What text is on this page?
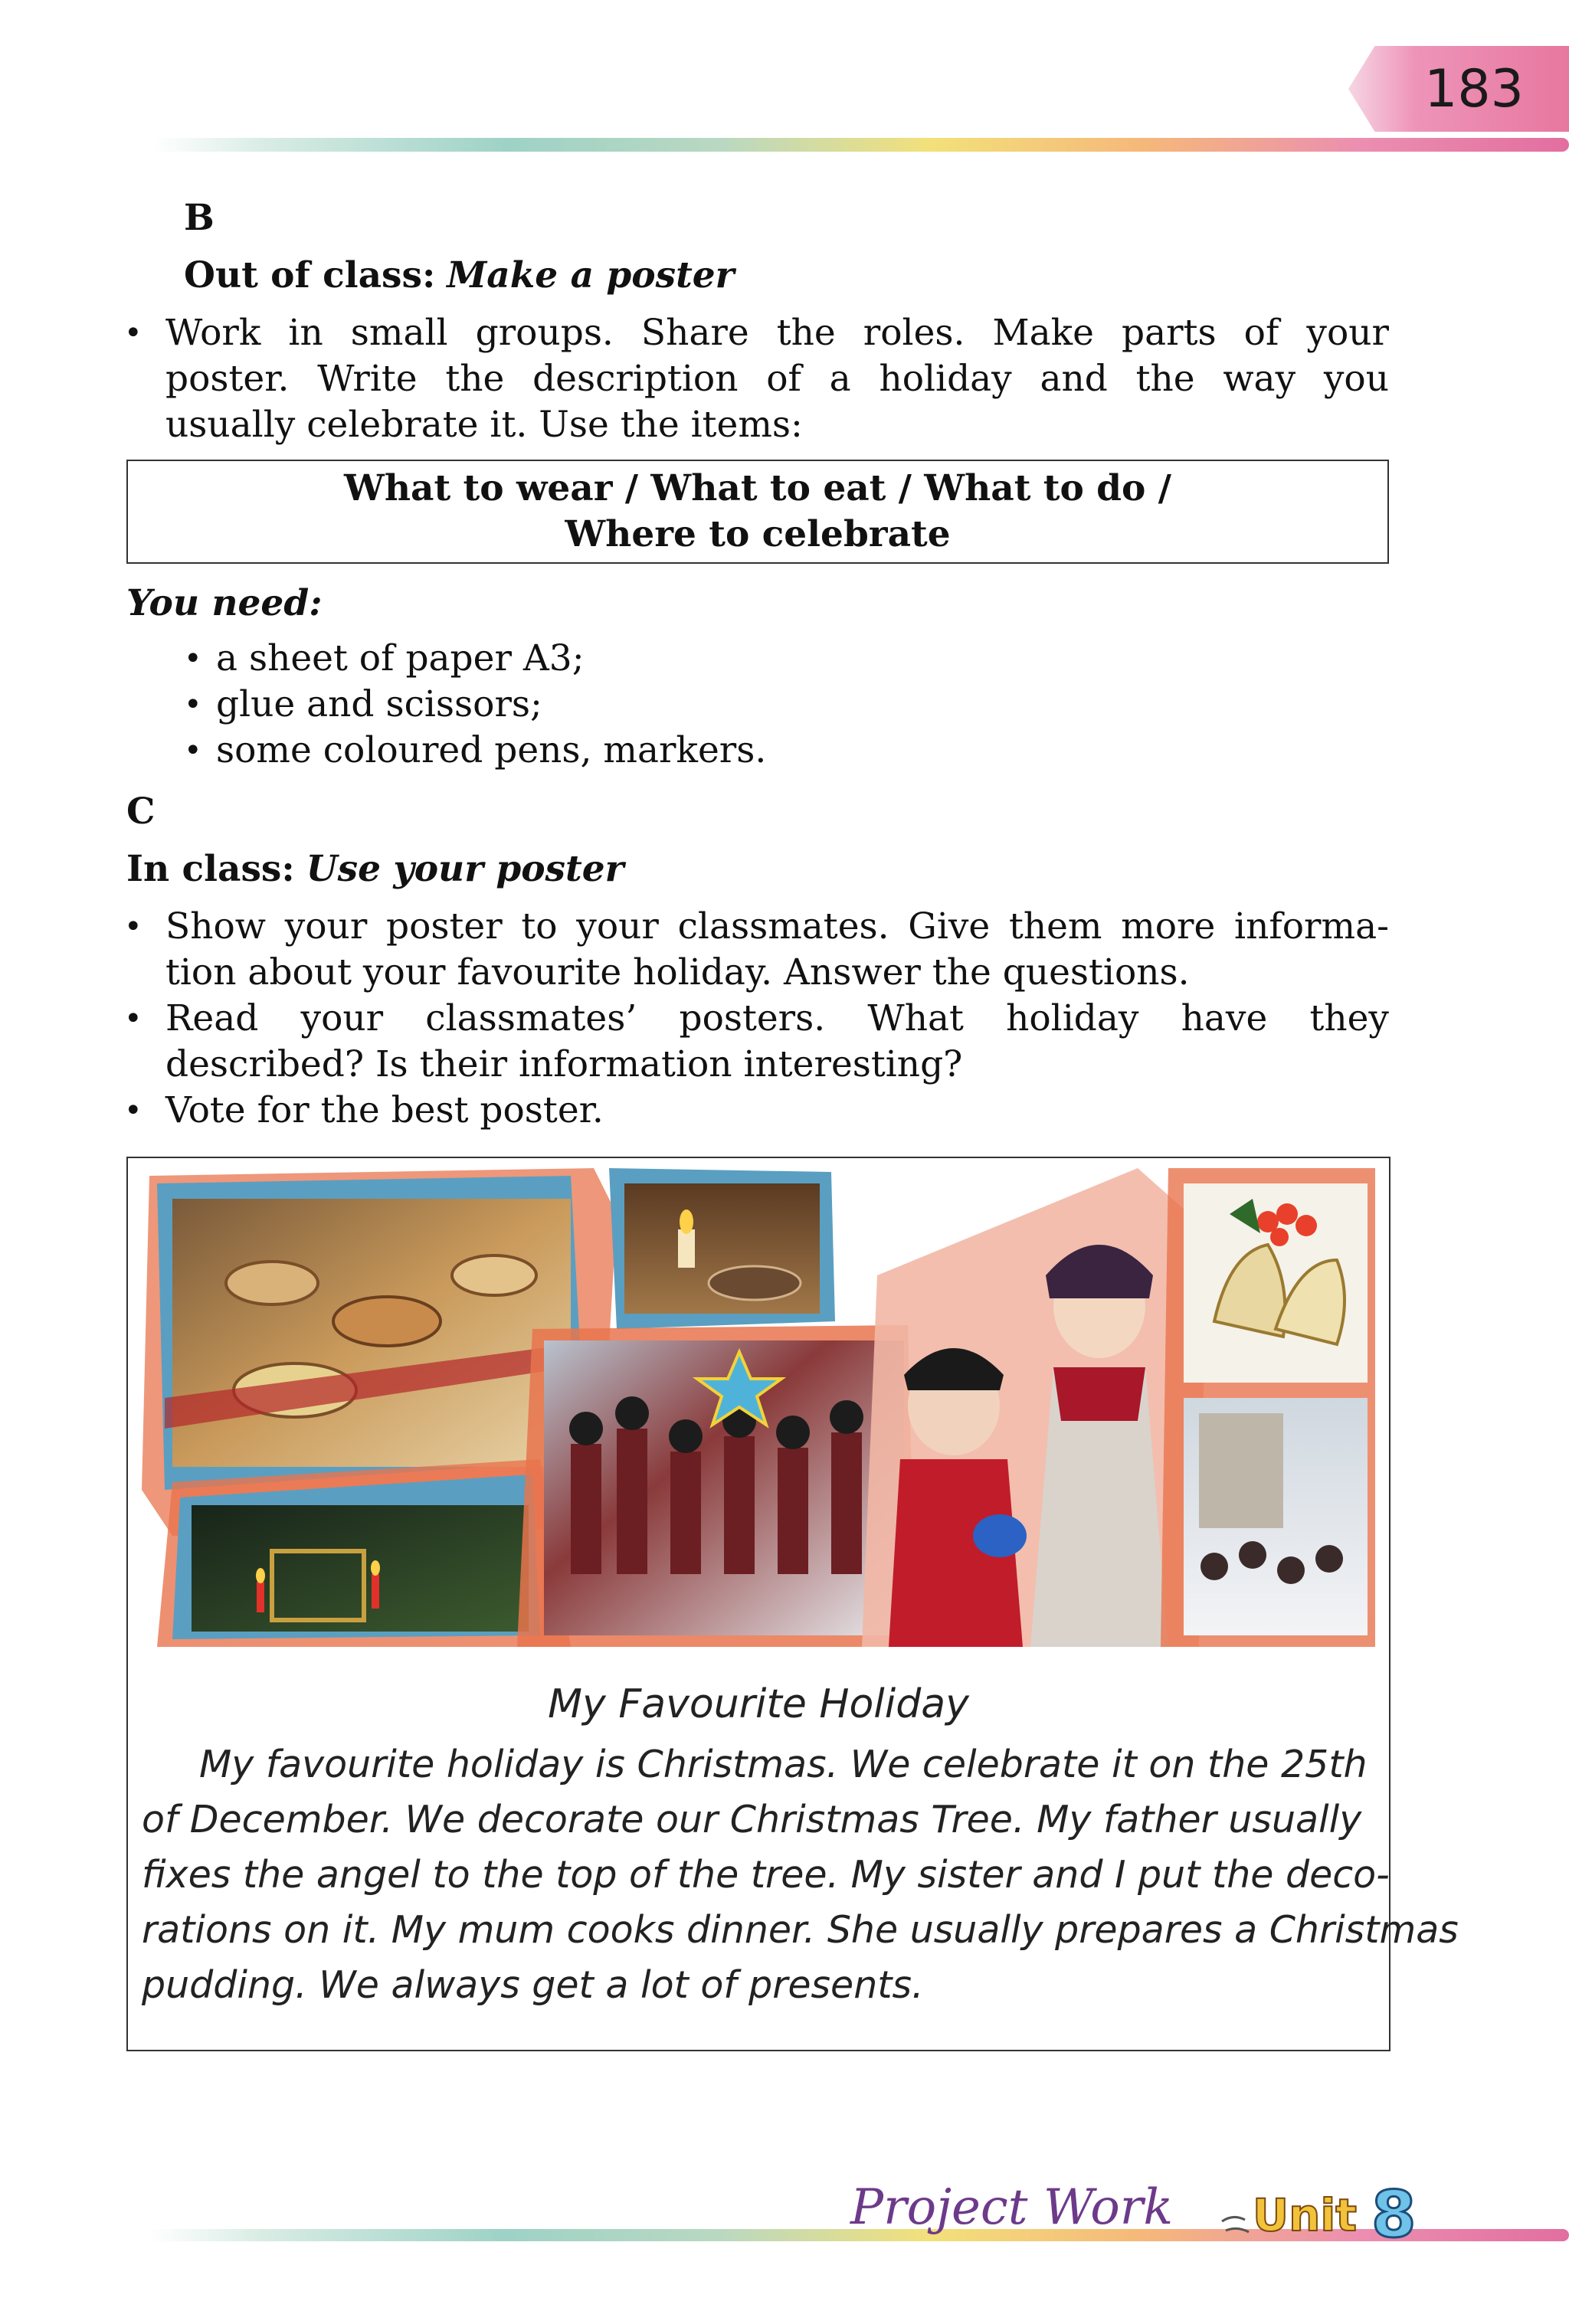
183
B
Out of class: Make a poster
• Work in small groups. Share the roles. Make parts of your
poster. Write the description of a holiday and the way you
usually celebrate it. Use the items:
What to wear / What to eat / What to do /
Where to celebrate
You need:
• a sheet of paper A3;
• glue and scissors;
• some coloured pens, markers.
C
In class: Use your poster
• Show your poster to your classmates. Give them more informa-
tion about your favourite holiday. Answer the questions.
• Read your classmates’ posters. What holiday have they
described? Is their information interesting?
• Vote for the best poster.
My Favourite Holiday
My favourite holiday is Christmas. We celebrate it on the 25th
of December. We decorate our Christmas Tree. My father usually
fixes the angel to the top of the tree. My sister and I put the deco-
rations on it. My mum cooks dinner. She usually prepares a Christmas
pudding. We always get a lot of presents.
Project Work Unit 8
